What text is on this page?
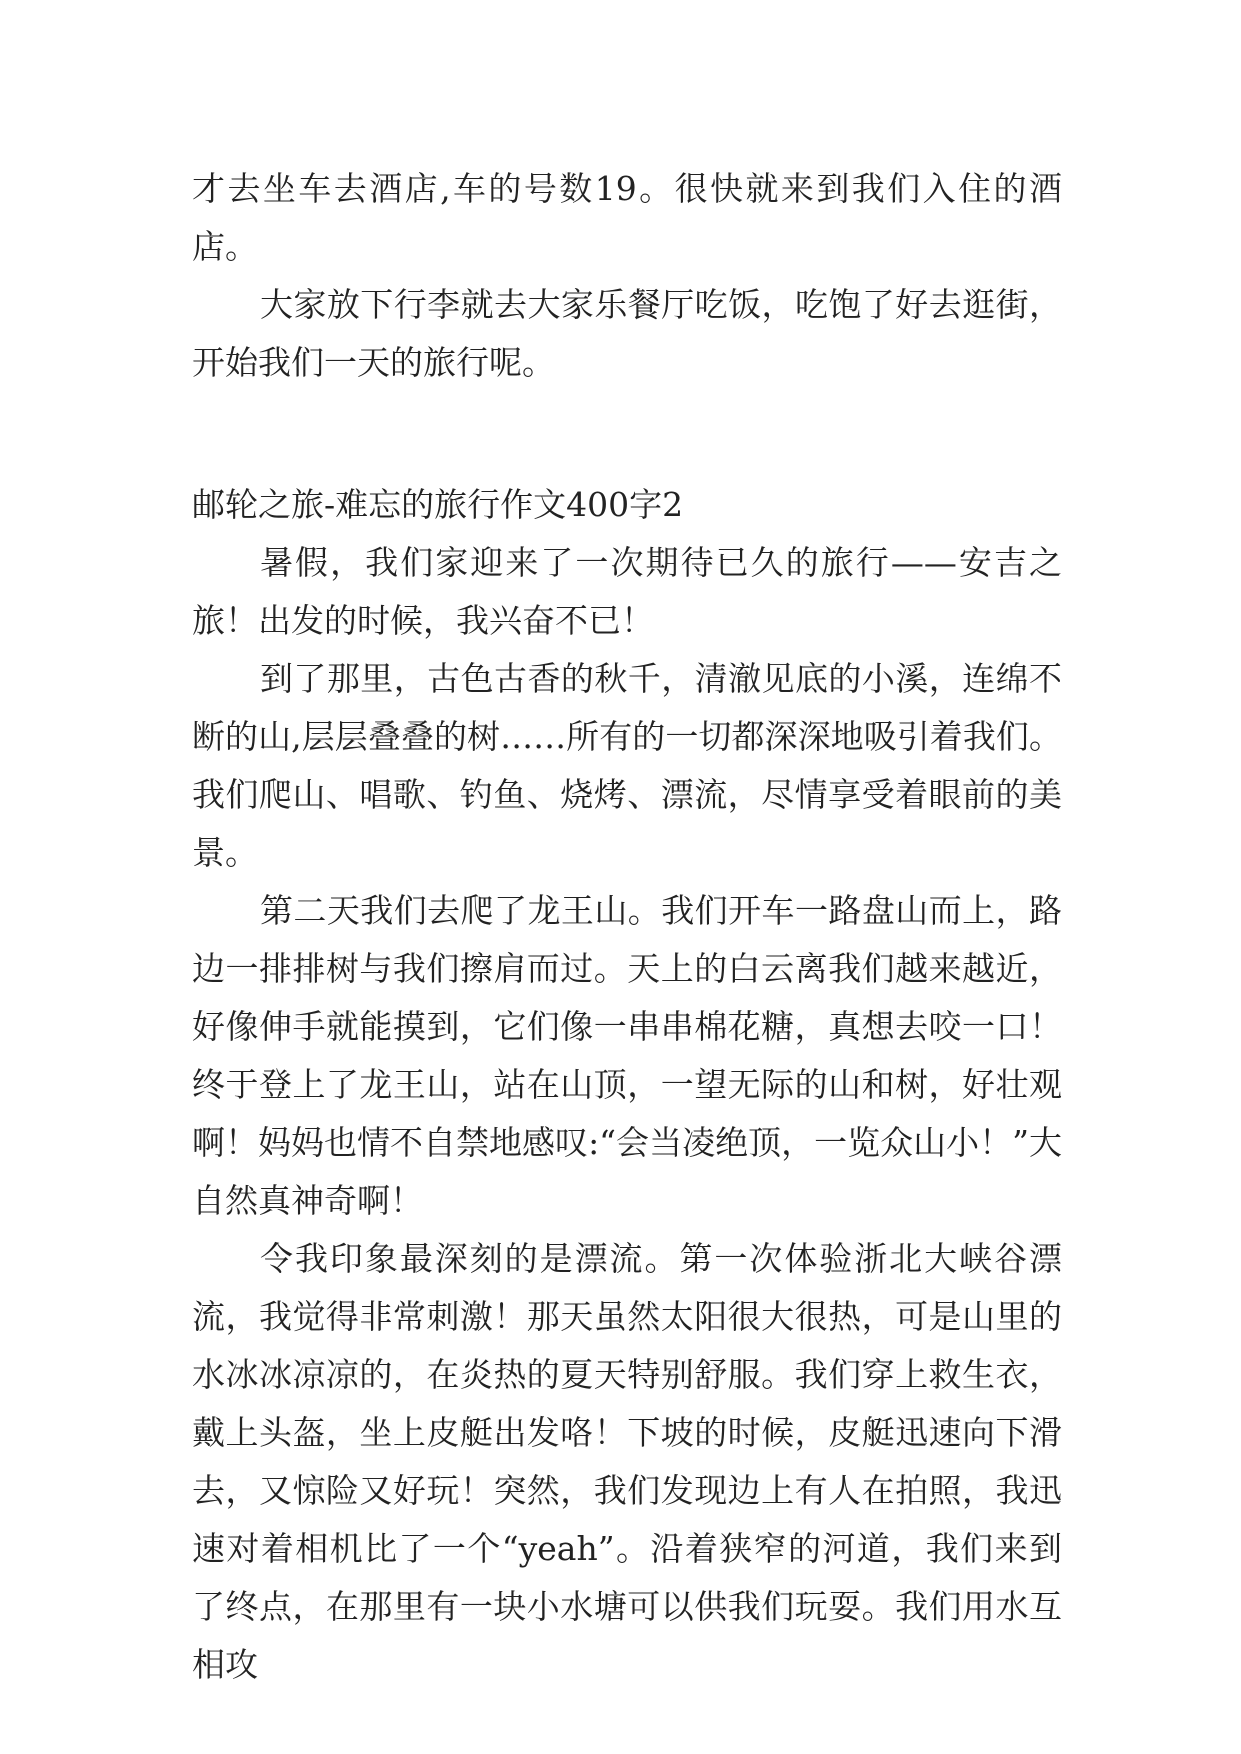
才去坐车去酒店,车的号数19。很快就来到我们入住的酒店。

大家放下行李就去大家乐餐厅吃饭，吃饱了好去逛街，开始我们一天的旅行呢。

邮轮之旅-难忘的旅行作文400字2

暑假，我们家迎来了一次期待已久的旅行——安吉之旅！出发的时候，我兴奋不已！

到了那里，古色古香的秋千，清澈见底的小溪，连绵不断的山,层层叠叠的树……所有的一切都深深地吸引着我们。我们爬山、唱歌、钓鱼、烧烤、漂流，尽情享受着眼前的美景。

第二天我们去爬了龙王山。我们开车一路盘山而上，路边一排排树与我们擦肩而过。天上的白云离我们越来越近，好像伸手就能摸到，它们像一串串棉花糖，真想去咬一口！终于登上了龙王山，站在山顶，一望无际的山和树，好壮观啊！妈妈也情不自禁地感叹:“会当凌绝顶，一览众山小！”大自然真神奇啊！

令我印象最深刻的是漂流。第一次体验浙北大峡谷漂流，我觉得非常刺激！那天虽然太阳很大很热，可是山里的水冰冰凉凉的，在炎热的夏天特别舒服。我们穿上救生衣，戴上头盔，坐上皮艇出发咯！下坡的时候，皮艇迅速向下滑去，又惊险又好玩！突然，我们发现边上有人在拍照，我迅速对着相机比了一个“yeah”。沿着狭窄的河道，我们来到了终点，在那里有一块小水塘可以供我们玩耍。我们用水互相攻
